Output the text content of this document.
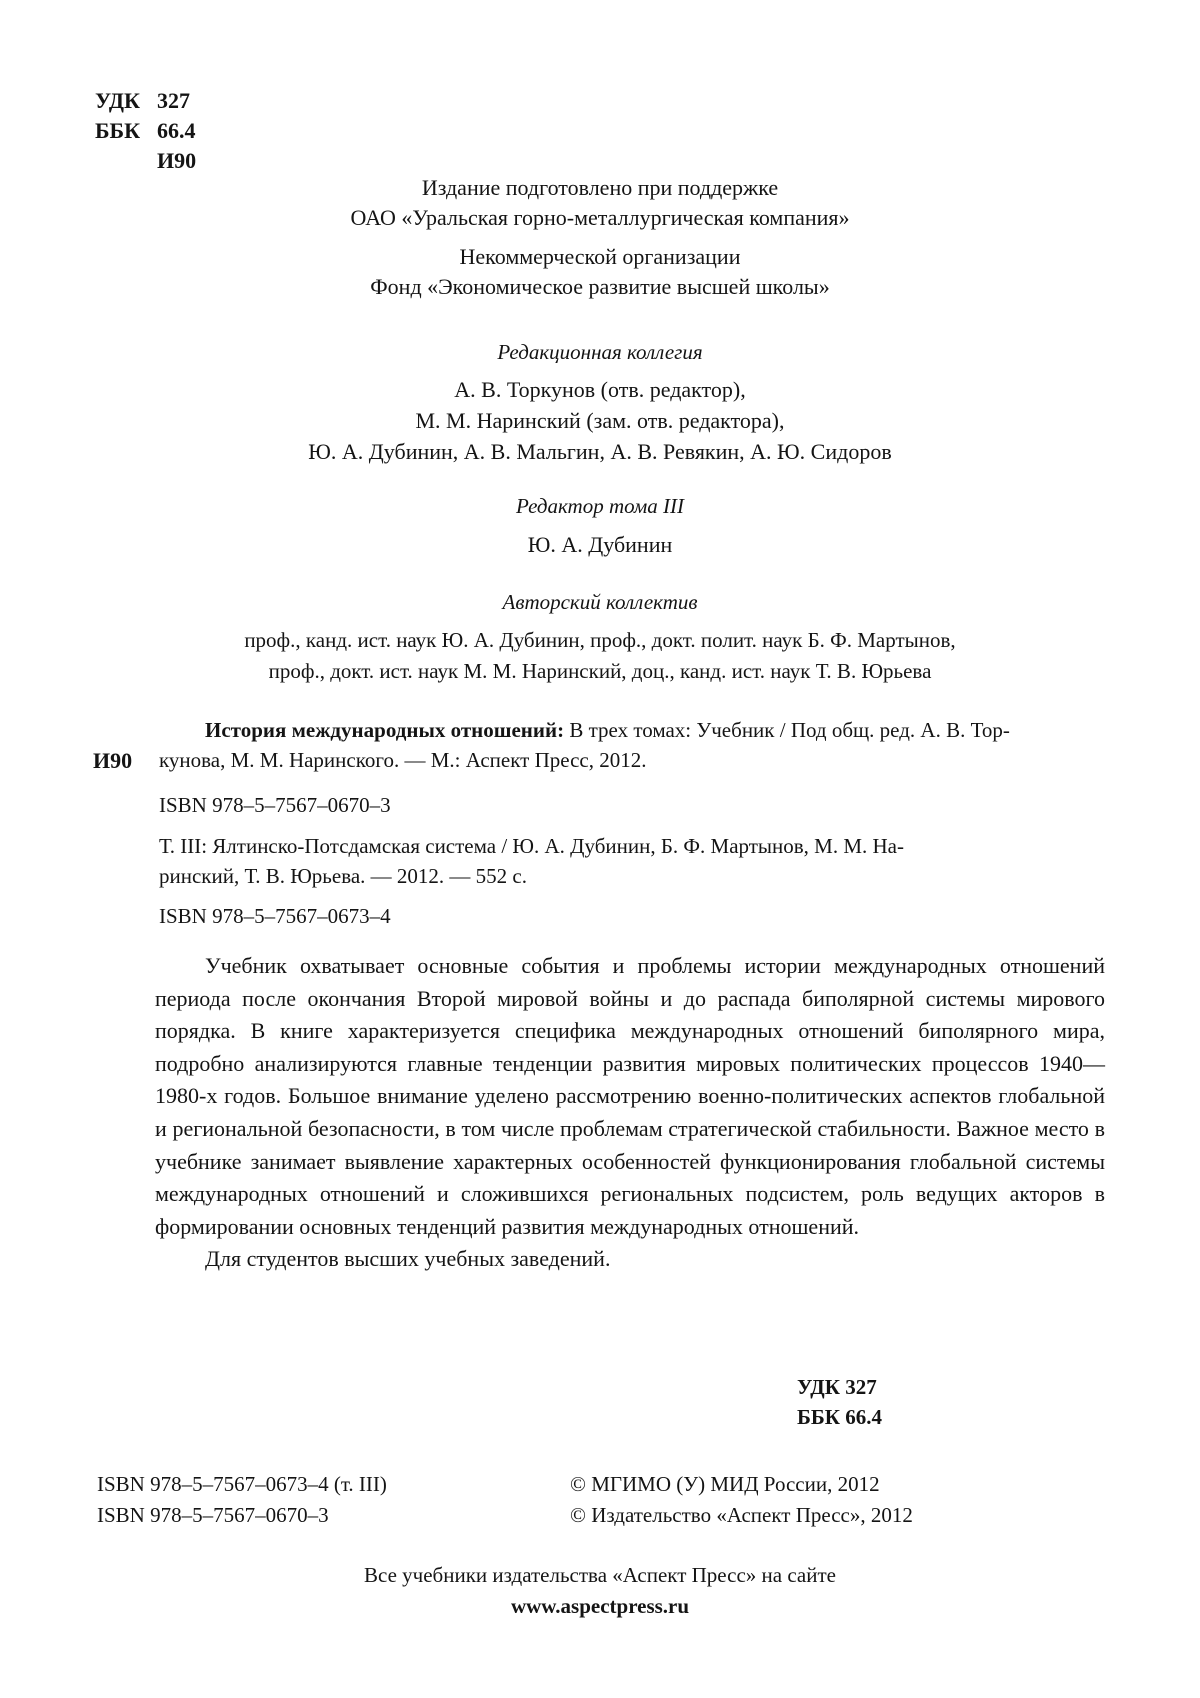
УДК 327
ББК 66.4
И90
Издание подготовлено при поддержке
ОАО «Уральская горно-металлургическая компания»
Некоммерческой организации
Фонд «Экономическое развитие высшей школы»
Редакционная коллегия
А. В. Торкунов (отв. редактор),
М. М. Наринский (зам. отв. редактора),
Ю. А. Дубинин, А. В. Мальгин, А. В. Ревякин, А. Ю. Сидоров
Редактор тома III
Ю. А. Дубинин
Авторский коллектив
проф., канд. ист. наук Ю. А. Дубинин, проф., докт. полит. наук Б. Ф. Мартынов,
проф., докт. ист. наук М. М. Наринский, доц., канд. ист. наук Т. В. Юрьева
История международных отношений: В трех томах: Учебник / Под общ. ред. А. В. Тор-
И90 кунова, М. М. Наринского. — М.: Аспект Пресс, 2012.
ISBN 978–5–7567–0670–3
Т. III: Ялтинско-Потсдамская система / Ю. А. Дубинин, Б. Ф. Мартынов, М. М. На-
ринский, Т. В. Юрьева. — 2012. — 552 с.
ISBN 978–5–7567–0673–4

Учебник охватывает основные события и проблемы истории международных отношений периода после окончания Второй мировой войны и до распада биполярной системы мирового порядка. В книге характеризуется специфика международных отношений биполярного мира, подробно анализируются главные тенденции развития мировых политических процессов 1940—1980-х годов. Большое внимание уделено рассмотрению военно-политических аспектов глобальной и региональной безопасности, в том числе проблемам стратегической стабильности. Важное место в учебнике занимает выявление характерных особенностей функционирования глобальной системы международных отношений и сложившихся региональных подсистем, роль ведущих акторов в формировании основных тенденций развития международных отношений.

Для студентов высших учебных заведений.

УДК 327
ББК 66.4
ISBN 978–5–7567–0673–4 (т. III)
ISBN 978–5–7567–0670–3
© МГИМО (У) МИД России, 2012
© Издательство «Аспект Пресс», 2012
Все учебники издательства «Аспект Пресс» на сайте
www.aspectpress.ru
